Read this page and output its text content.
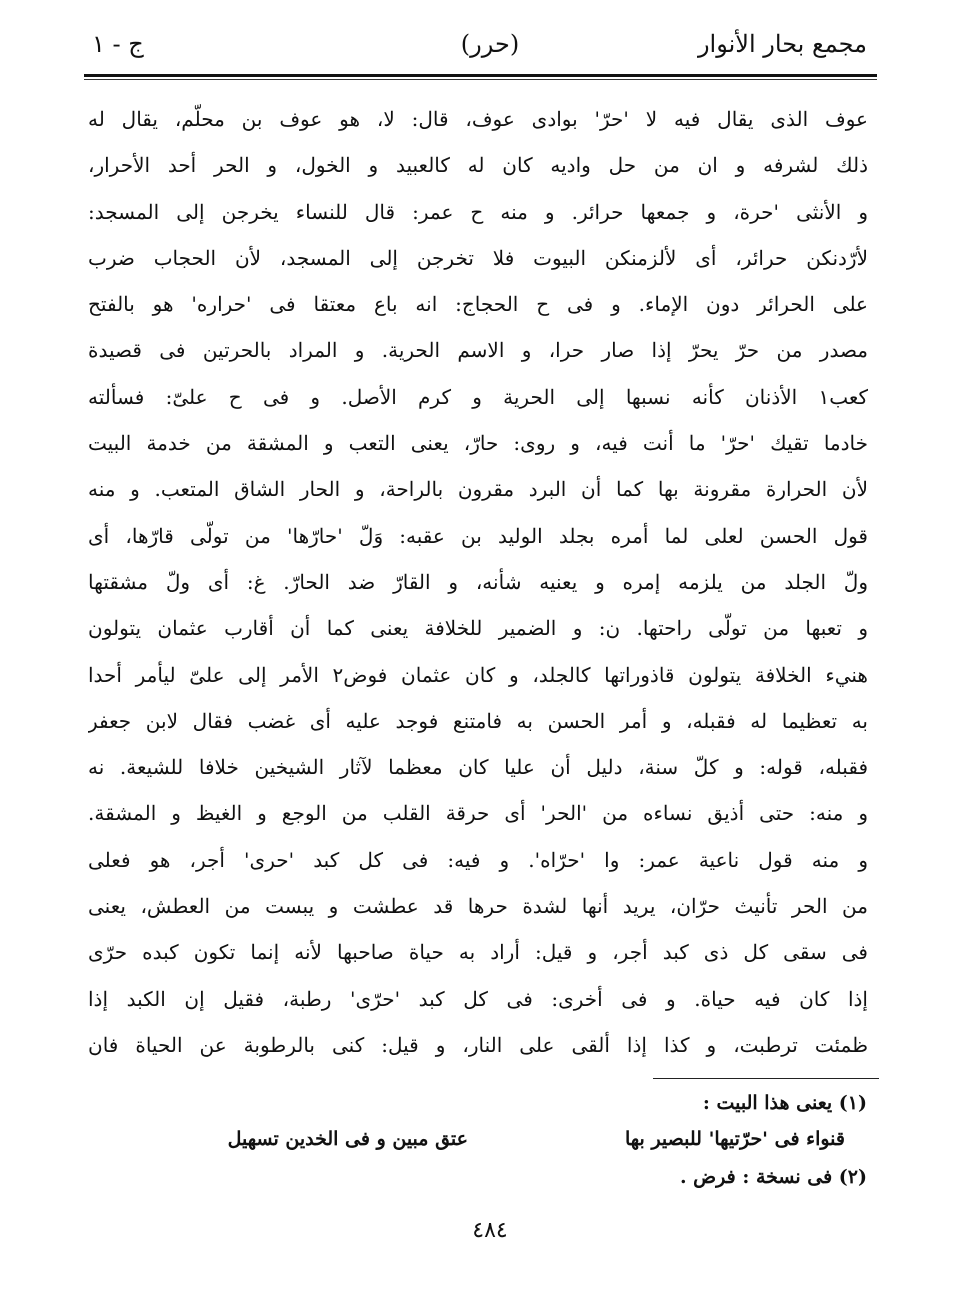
مجمع بحار الأنوار
(حرر)
ج - ١
عوف الذى يقال فيه لا 'حرّ' بوادى عوف، قال: لا، هو عوف بن محلّم، يقال له
ذلك لشرفه و ان من حل واديه كان له كالعبيد و الخول، و الحر أحد الأحرار،
و الأنثى 'حرة، و جمعها حرائر. و منه ح عمر: قال للنساء يخرجن إلى المسجد:
لأرّدنكن حرائر، أى لألزمنكن البيوت فلا تخرجن إلى المسجد، لأن الحجاب ضرب
على الحرائر دون الإماء. و فى ح الحجاج: انه باع معتقا فى 'حراره' هو بالفتح
مصدر من حرّ يحرّ إذا صار حرا، و الاسم الحرية. و المراد بالحرتين فى قصيدة
كعب١ الأذنان كأنه نسبها إلى الحرية و كرم الأصل. و فى ح علىّ: فسألته
خادما تقيك 'حرّ' ما أنت فيه، و روى: حارّ، يعنى التعب و المشقة من خدمة البيت
لأن الحرارة مقرونة بها كما أن البرد مقرون بالراحة، و الحار الشاق المتعب. و منه
قول الحسن لعلى لما أمره بجلد الوليد بن عقبه: وَلّ 'حارّها' من تولّى قارّها، أى
ولّ الجلد من يلزمه إمره و يعنيه شأنه، و القارّ ضد الحارّ. غ: أى ولّ مشقتها
و تعبها من تولّى راحتها. ن: و الضمير للخلافة يعنى كما أن أقارب عثمان يتولون
هنيء الخلافة يتولون قاذوراتها كالجلد، و كان عثمان فوض٢ الأمر إلى علىّ ليأمر أحدا
به تعظيما له فقبله، و أمر الحسن به فامتنع فوجد عليه أى غضب فقال لابن جعفر
فقبله، قوله: و كلّ سنة، دليل أن عليا كان معظما لآثار الشيخين خلافا للشيعة. نه
و منه: حتى أذيق نساءه من 'الحر' أى حرقة القلب من الوجع و الغيظ و المشقة.
و منه قول ناعية عمر: وا 'حرّاه'. و فيه: فى كل كبد 'حرى' أجر، هو فعلى
من الحر تأنيث حرّان، يريد أنها لشدة حرها قد عطشت و يبست من العطش، يعنى
فى سقى كل ذى كبد أجر، و قيل: أراد به حياة صاحبها لأنه إنما تكون كبده حرّى
إذا كان فيه حياة. و فى أخرى: فى كل كبد 'حرّى' رطبة، فقيل إن الكبد إذا
ظمئت ترطبت، و كذا إذا ألقى على النار، و قيل: كنى بالرطوبة عن الحياة فان
(١) يعنى هذا البيت :
قنواء فى 'حرّتيها' للبصير بها
عتق مبين و فى الخدين تسهيل
(٢) فى نسخة : فرض .
٤٨٤
